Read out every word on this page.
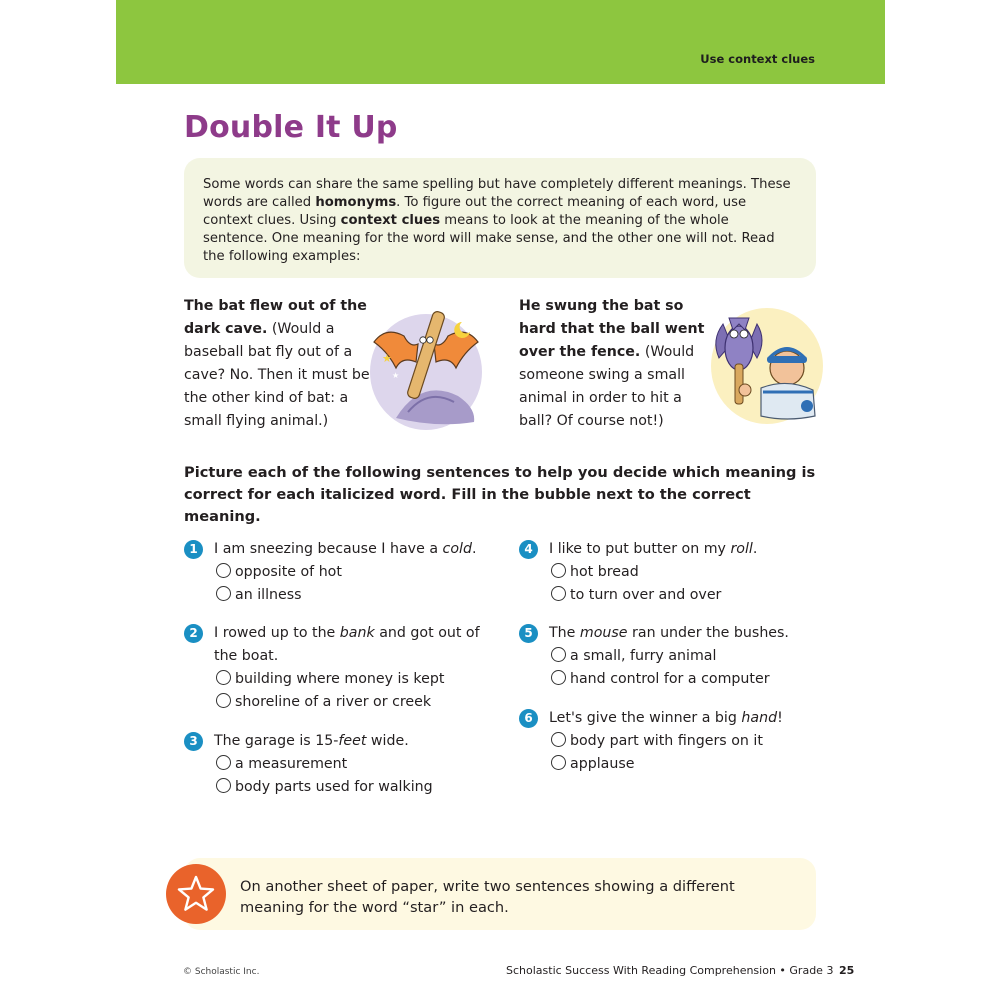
Use context clues
Double It Up
Some words can share the same spelling but have completely different meanings. These words are called homonyms. To figure out the correct meaning of each word, use context clues. Using context clues means to look at the meaning of the whole sentence. One meaning for the word will make sense, and the other one will not. Read the following examples:
The bat flew out of the dark cave. (Would a baseball bat fly out of a cave? No. Then it must be the other kind of bat: a small flying animal.)
★
★
He swung the bat so hard that the ball went over the fence. (Would someone swing a small animal in order to hit a ball? Of course not!)
Picture each of the following sentences to help you decide which meaning is correct for each italicized word. Fill in the bubble next to the correct meaning.
1	I am sneezing because I have a cold.
opposite of hot
an illness
2	I rowed up to the bank and got out of the boat.
building where money is kept
shoreline of a river or creek
3	The garage is 15-feet wide.
a measurement
body parts used for walking
4	I like to put butter on my roll.
hot bread
to turn over and over
5	The mouse ran under the bushes.
a small, furry animal
hand control for a computer
6	Let's give the winner a big hand!
body part with fingers on it
applause
On another sheet of paper, write two sentences showing a different meaning for the word “star” in each.
© Scholastic Inc.	Scholastic Success With Reading Comprehension • Grade 3 25
